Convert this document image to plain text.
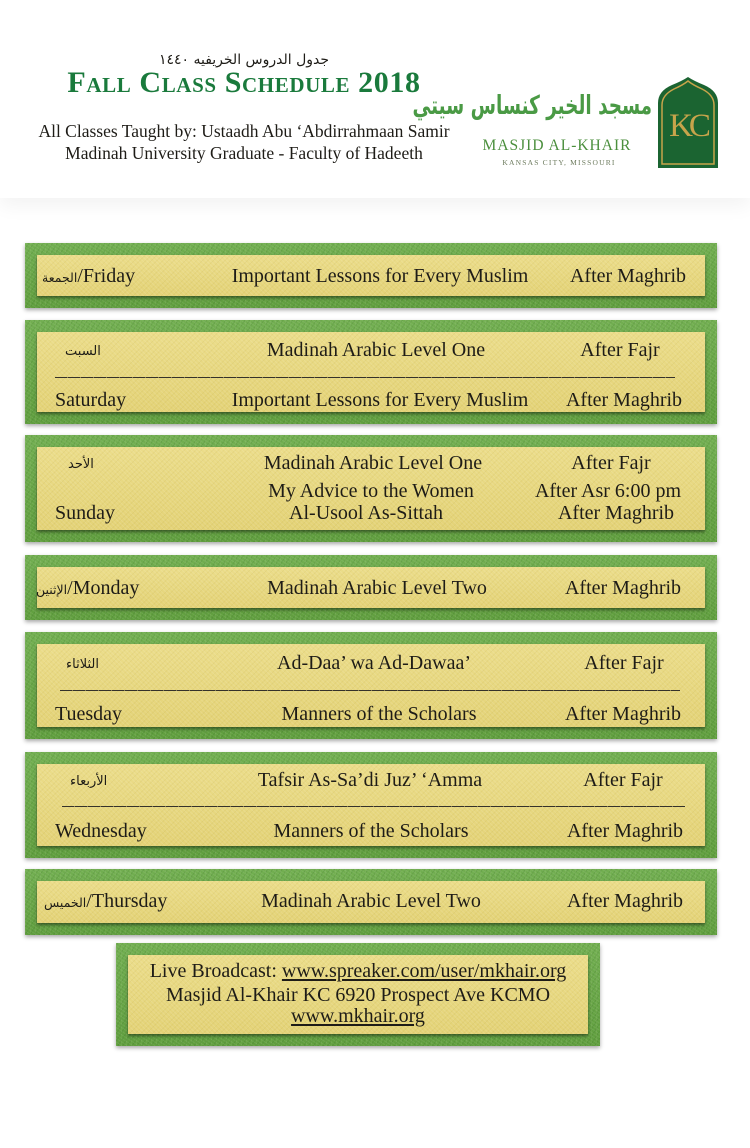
جدول الدروس الخريفيه ١٤٤٠
Fall Class Schedule 2018
All Classes Taught by: Ustaadh Abu ‘Abdirrahmaan Samir
Madinah University Graduate - Faculty of Hadeeth
مسجد الخير كنساس سيتي
MASJID AL-KHAIR
KANSAS CITY, MISSOURI
KC
الجمعة/Friday	Important Lessons for Every Muslim After Maghrib
السبت	Madinah Arabic Level One	After Fajr
Saturday	Important Lessons for Every Muslim After Maghrib
الأحد	Madinah Arabic Level One	After Fajr
My Advice to the Women	After Asr 6:00 pm
Sunday	Al-Usool As-Sittah	After Maghrib
الإثنين/Monday	Madinah Arabic Level Two	After Maghrib
الثلاثاء	Ad-Daa’ wa Ad-Dawaa’	After Fajr
Tuesday	Manners of the Scholars	After Maghrib
الأربعاء	Tafsir As-Sa’di Juz’ ‘Amma	After Fajr
Wednesday	Manners of the Scholars	After Maghrib
الخميس/Thursday	Madinah Arabic Level Two	After Maghrib
Live Broadcast: www.spreaker.com/user/mkhair.org
Masjid Al-Khair KC 6920 Prospect Ave KCMO
www.mkhair.org
